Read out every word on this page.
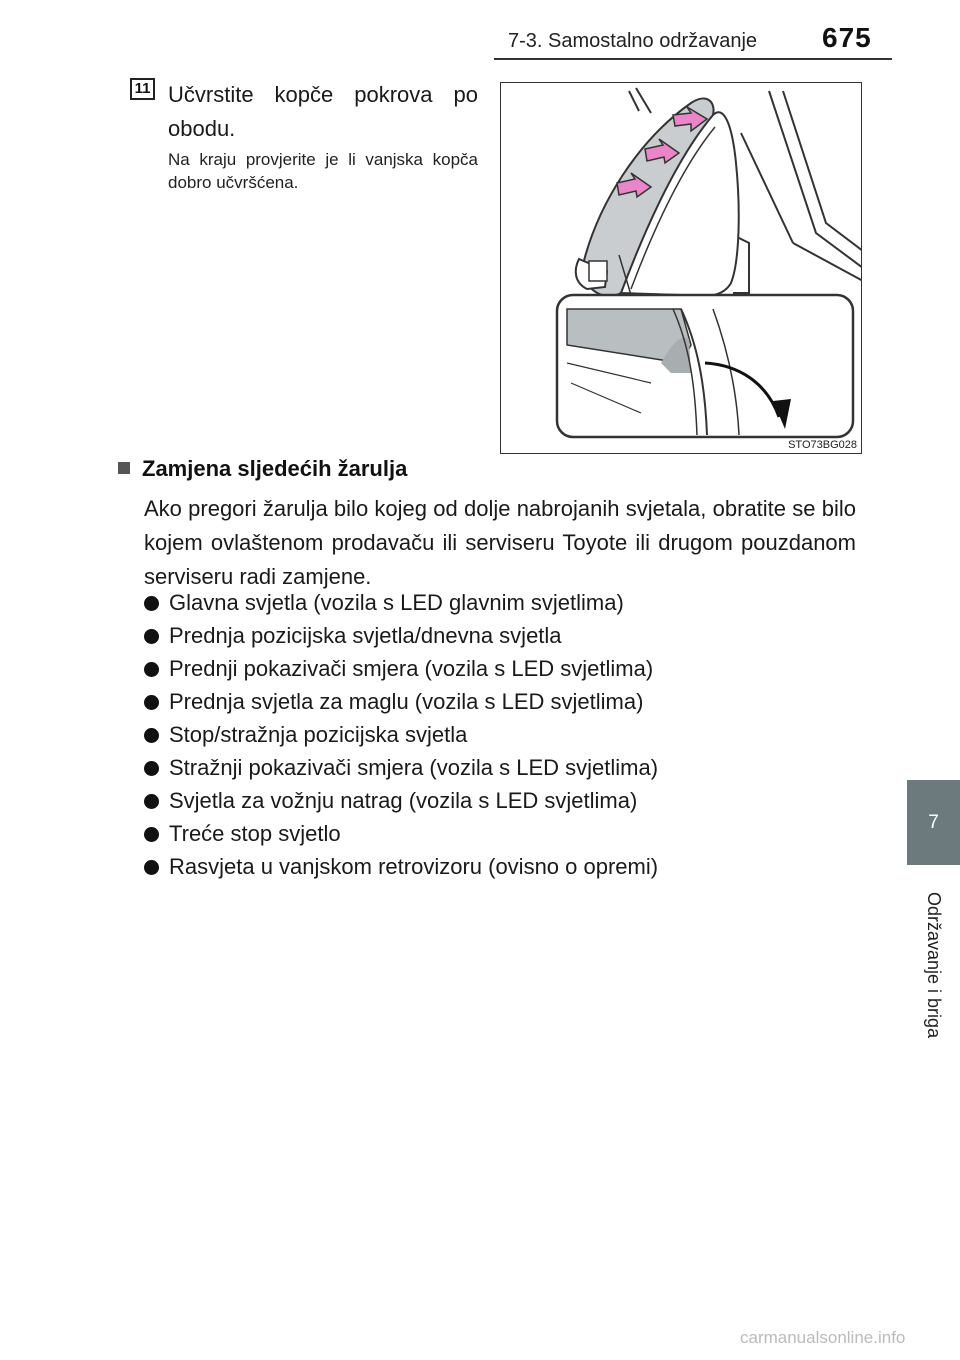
7-3. Samostalno održavanje 675
7
Održavanje i briga
11 Učvrstite kopče pokrova po obodu.
Na kraju provjerite je li vanjska kopča dobro učvršćena.
STO73BG028
Zamjena sljedećih žarulja
Ako pregori žarulja bilo kojeg od dolje nabrojanih svjetala, obratite se bilo kojem ovlaštenom prodavaču ili serviseru Toyote ili drugom pouzdanom serviseru radi zamjene.
Glavna svjetla (vozila s LED glavnim svjetlima)
Prednja pozicijska svjetla/dnevna svjetla
Prednji pokazivači smjera (vozila s LED svjetlima)
Prednja svjetla za maglu (vozila s LED svjetlima)
Stop/stražnja pozicijska svjetla
Stražnji pokazivači smjera (vozila s LED svjetlima)
Svjetla za vožnju natrag (vozila s LED svjetlima)
Treće stop svjetlo
Rasvjeta u vanjskom retrovizoru (ovisno o opremi)
carmanualsonline.info
